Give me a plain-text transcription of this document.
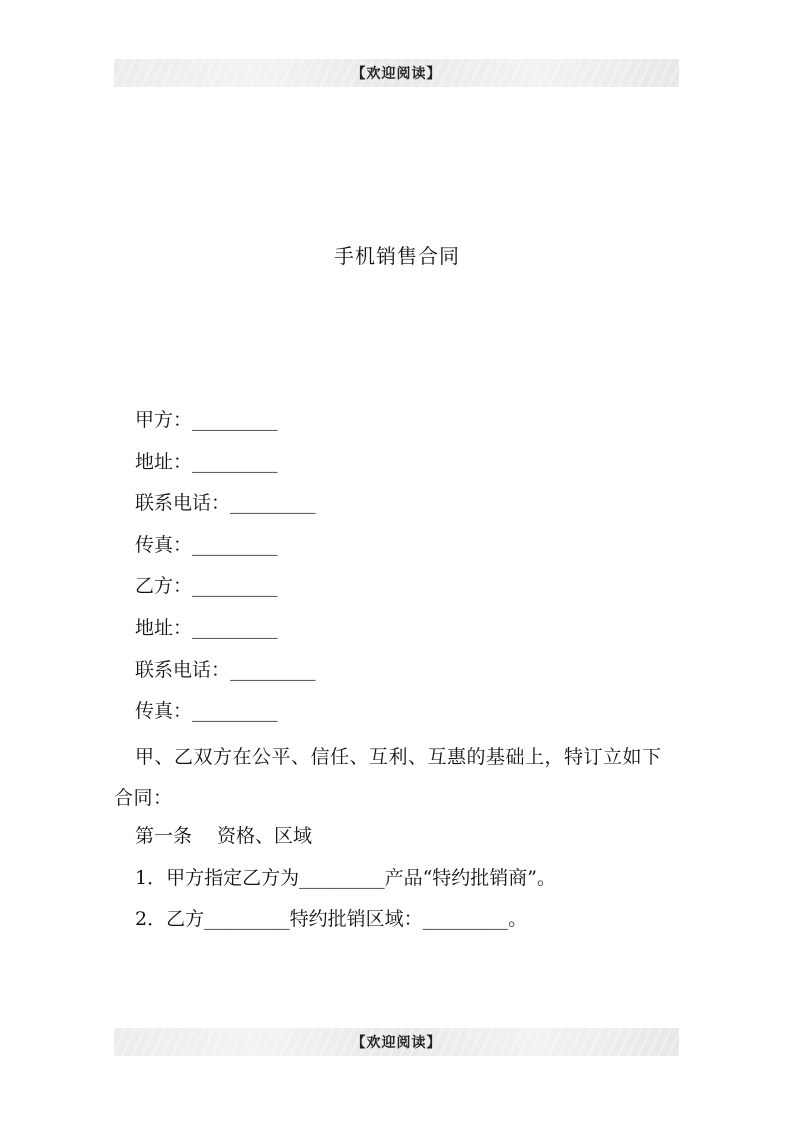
【欢迎阅读】
手机销售合同
甲方：_________
地址：_________
联系电话：_________
传真：_________
乙方：_________
地址：_________
联系电话：_________
传真：_________
甲、乙双方在公平、信任、互利、互惠的基础上，特订立如下合同：
第一条　 资格、区域
1．甲方指定乙方为_________产品“特约批销商”。
2．乙方_________特约批销区域：_________。
【欢迎阅读】
